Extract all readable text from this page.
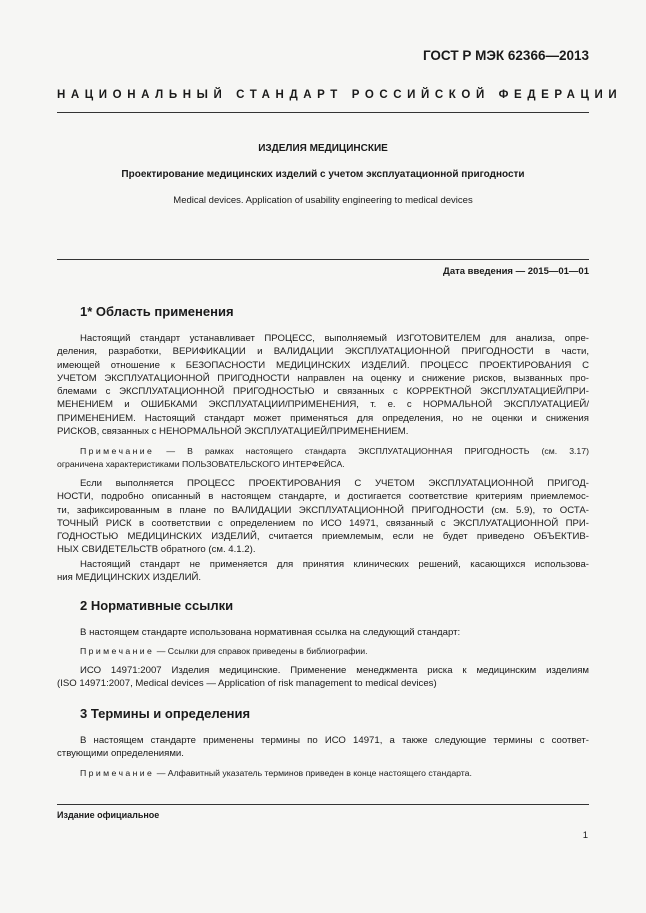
ГОСТ Р МЭК 62366—2013
НАЦИОНАЛЬНЫЙ СТАНДАРТ РОССИЙСКОЙ ФЕДЕРАЦИИ
ИЗДЕЛИЯ МЕДИЦИНСКИЕ
Проектирование медицинских изделий с учетом эксплуатационной пригодности
Medical devices. Application of usability engineering to medical devices
Дата введения — 2015—01—01
1* Область применения
Настоящий стандарт устанавливает ПРОЦЕСС, выполняемый ИЗГОТОВИТЕЛЕМ для анализа, опре-
деления, разработки, ВЕРИФИКАЦИИ и ВАЛИДАЦИИ ЭКСПЛУАТАЦИОННОЙ ПРИГОДНОСТИ в части,
имеющей отношение к БЕЗОПАСНОСТИ МЕДИЦИНСКИХ ИЗДЕЛИЙ. ПРОЦЕСС ПРОЕКТИРОВАНИЯ С
УЧЕТОМ ЭКСПЛУАТАЦИОННОЙ ПРИГОДНОСТИ направлен на оценку и снижение рисков, вызванных про-
блемами с ЭКСПЛУАТАЦИОННОЙ ПРИГОДНОСТЬЮ и связанных с КОРРЕКТНОЙ ЭКСПЛУАТАЦИЕЙ/ПРИ-
МЕНЕНИЕМ и ОШИБКАМИ ЭКСПЛУАТАЦИИ/ПРИМЕНЕНИЯ, т. е. с НОРМАЛЬНОЙ ЭКСПЛУАТАЦИЕЙ/
ПРИМЕНЕНИЕМ. Настоящий стандарт может применяться для определения, но не оценки и снижения
РИСКОВ, связанных с НЕНОРМАЛЬНОЙ ЭКСПЛУАТАЦИЕЙ/ПРИМЕНЕНИЕМ.
Примечание — В рамках настоящего стандарта ЭКСПЛУАТАЦИОННАЯ ПРИГОДНОСТЬ (см. 3.17)
ограничена характеристиками ПОЛЬЗОВАТЕЛЬСКОГО ИНТЕРФЕЙСА.
Если выполняется ПРОЦЕСС ПРОЕКТИРОВАНИЯ С УЧЕТОМ ЭКСПЛУАТАЦИОННОЙ ПРИГОД-
НОСТИ, подробно описанный в настоящем стандарте, и достигается соответствие критериям приемлемос-
ти, зафиксированным в плане по ВАЛИДАЦИИ ЭКСПЛУАТАЦИОННОЙ ПРИГОДНОСТИ (см. 5.9), то ОСТА-
ТОЧНЫЙ РИСК в соответствии с определением по ИСО 14971, связанный с ЭКСПЛУАТАЦИОННОЙ ПРИ-
ГОДНОСТЬЮ МЕДИЦИНСКИХ ИЗДЕЛИЙ, считается приемлемым, если не будет приведено ОБЪЕКТИВ-
НЫХ СВИДЕТЕЛЬСТВ обратного (см. 4.1.2).
Настоящий стандарт не применяется для принятия клинических решений, касающихся использова-
ния МЕДИЦИНСКИХ ИЗДЕЛИЙ.
2 Нормативные ссылки
В настоящем стандарте использована нормативная ссылка на следующий стандарт:
Примечание — Ссылки для справок приведены в библиографии.
ИСО 14971:2007 Изделия медицинские. Применение менеджмента риска к медицинским изделиям
(ISO 14971:2007, Medical devices — Application of risk management to medical devices)
3 Термины и определения
В настоящем стандарте применены термины по ИСО 14971, а также следующие термины с соответ-
ствующими определениями.
Примечание — Алфавитный указатель терминов приведен в конце настоящего стандарта.
Издание официальное
1
